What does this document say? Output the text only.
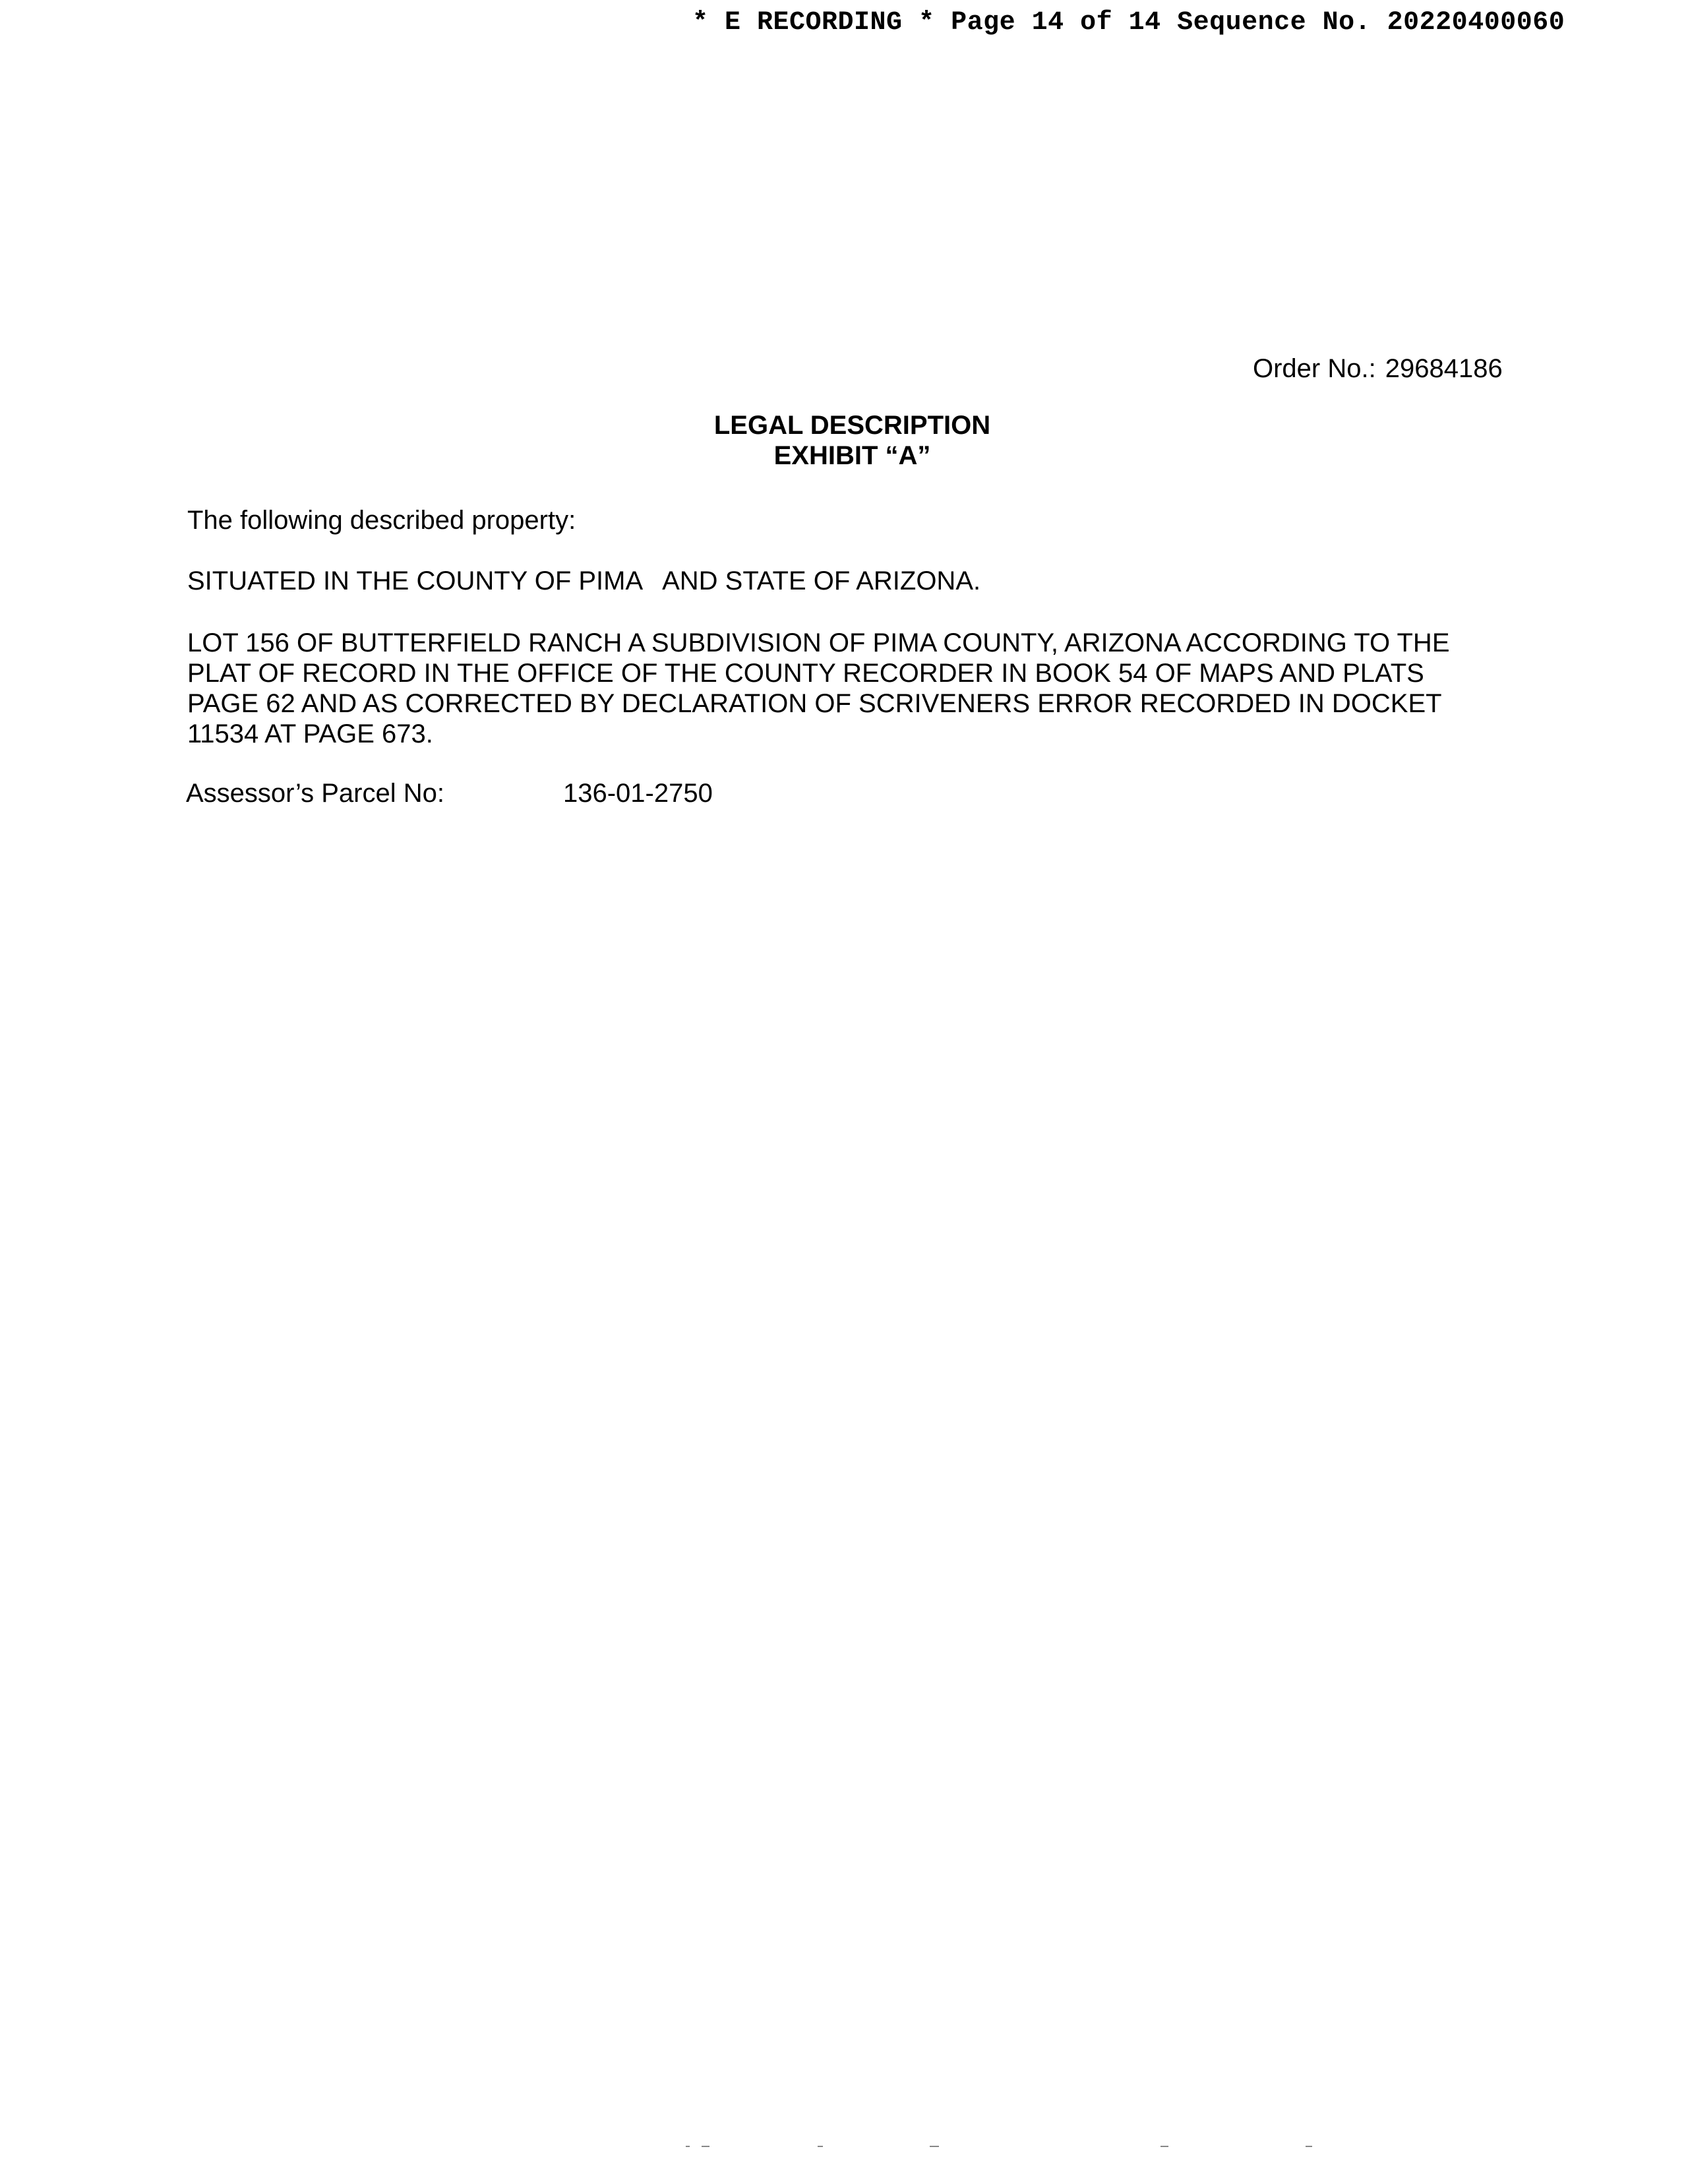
* E RECORDING * Page 14 of 14 Sequence No. 20220400060
Order No.: 29684186
LEGAL DESCRIPTION
EXHIBIT “A”
The following described property:
SITUATED IN THE COUNTY OF PIMA   AND STATE OF ARIZONA.
LOT 156 OF BUTTERFIELD RANCH A SUBDIVISION OF PIMA COUNTY, ARIZONA ACCORDING TO THE
PLAT OF RECORD IN THE OFFICE OF THE COUNTY RECORDER IN BOOK 54 OF MAPS AND PLATS
PAGE 62 AND AS CORRECTED BY DECLARATION OF SCRIVENERS ERROR RECORDED IN DOCKET
11534 AT PAGE 673.
Assessor’s Parcel No:	136-01-2750
